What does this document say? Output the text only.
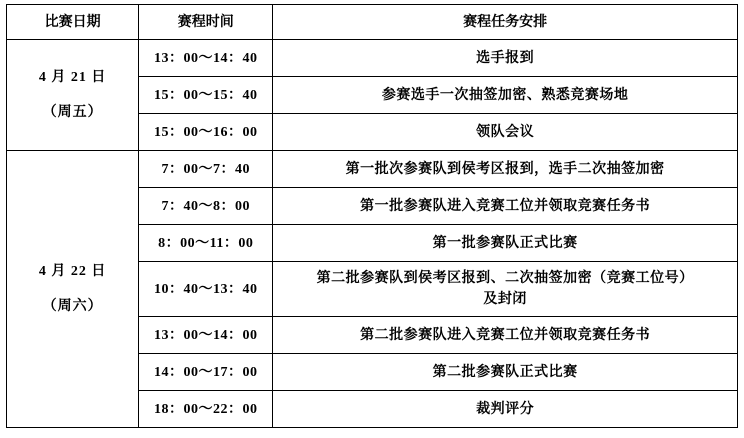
比赛日期	赛程时间	赛程任务安排

4 月 21 日
（周五）	13：00～14：40	选手报到

	15：00～15：40	参赛选手一次抽签加密、熟悉竞赛场地

	15：00～16：00	领队会议

4 月 22 日
（周六）	7：00～7：40	第一批次参赛队到侯考区报到，选手二次抽签加密

	7：40～8：00	第一批参赛队进入竞赛工位并领取竞赛任务书

	8：00～11：00	第一批参赛队正式比赛

	10：40～13：40	第二批参赛队到侯考区报到、二次抽签加密（竞赛工位号）
及封闭

	13：00～14：00	第二批参赛队进入竞赛工位并领取竞赛任务书

	14：00～17：00	第二批参赛队正式比赛

	18：00～22：00	裁判评分
